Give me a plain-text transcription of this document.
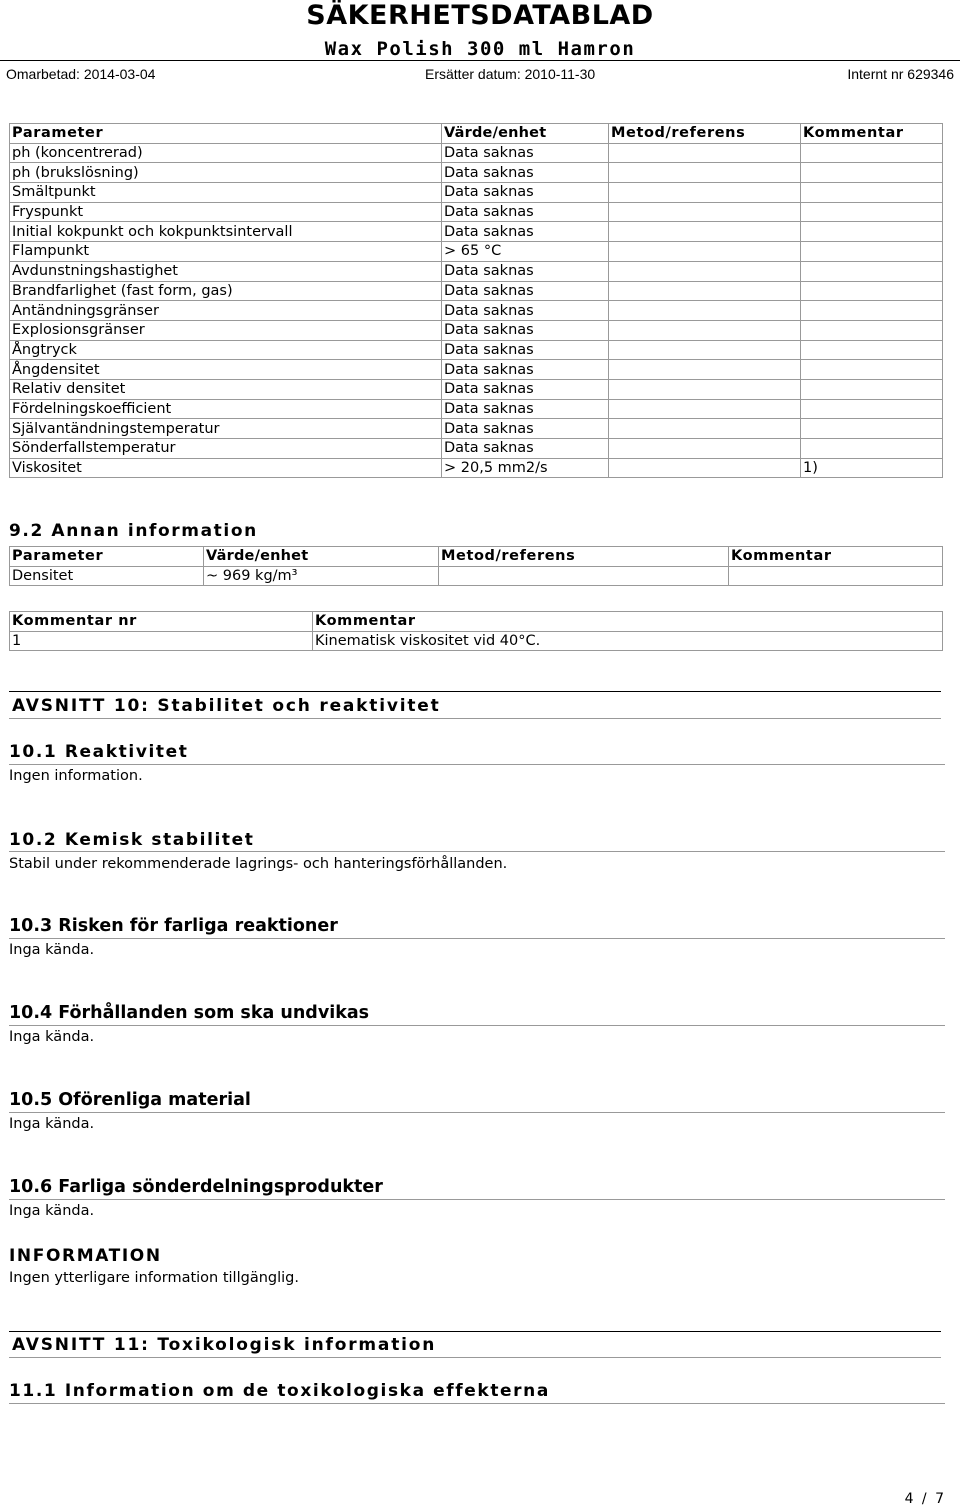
SÄKERHETSDATABLAD
Wax Polish 300 ml Hamron
Omarbetad: 2014-03-04	Ersätter datum: 2010-11-30	Internt nr 629346
Parameter	Värde/enhet	Metod/referens	Kommentar
ph (koncentrerad)	Data saknas		
ph (brukslösning)	Data saknas		
Smältpunkt	Data saknas		
Fryspunkt	Data saknas		
Initial kokpunkt och kokpunktsintervall	Data saknas		
Flampunkt	> 65 °C		
Avdunstningshastighet	Data saknas		
Brandfarlighet (fast form, gas)	Data saknas		
Antändningsgränser	Data saknas		
Explosionsgränser	Data saknas		
Ångtryck	Data saknas		
Ångdensitet	Data saknas		
Relativ densitet	Data saknas		
Fördelningskoefficient	Data saknas		
Självantändningstemperatur	Data saknas		
Sönderfallstemperatur	Data saknas		
Viskositet	> 20,5 mm2/s		1)
9.2 Annan information
Parameter	Värde/enhet	Metod/referens	Kommentar
Densitet	~ 969 kg/m³		
Kommentar nr	Kommentar
1	Kinematisk viskositet vid 40°C.
AVSNITT 10: Stabilitet och reaktivitet
10.1 Reaktivitet
Ingen information.
10.2 Kemisk stabilitet
Stabil under rekommenderade lagrings- och hanteringsförhållanden.
10.3 Risken för farliga reaktioner
Inga kända.
10.4 Förhållanden som ska undvikas
Inga kända.
10.5 Oförenliga material
Inga kända.
10.6 Farliga sönderdelningsprodukter
Inga kända.
INFORMATION
Ingen ytterligare information tillgänglig.
AVSNITT 11: Toxikologisk information
11.1 Information om de toxikologiska effekterna
4 / 7
